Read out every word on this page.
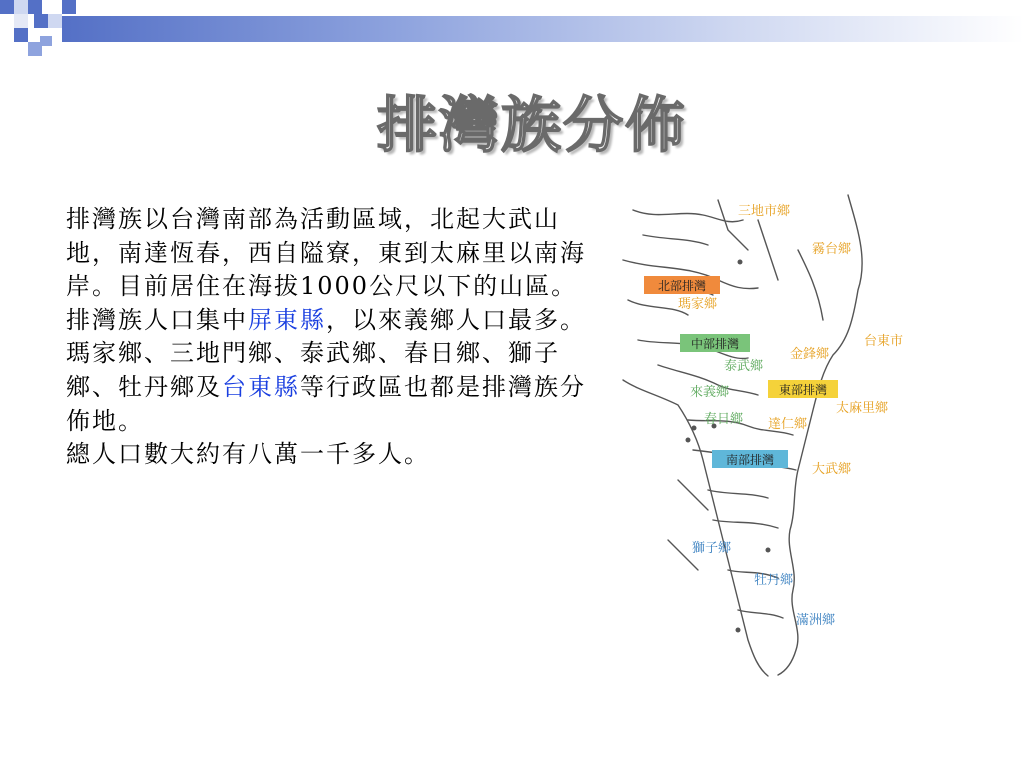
排灣族分佈

排灣族以台灣南部為活動區域，北起大武山地，南達恆春，西自隘寮，東到太麻里以南海岸。目前居住在海拔1000公尺以下的山區。

排灣族人口集中屏東縣，以來義鄉人口最多。瑪家鄉、三地門鄉、泰武鄉、春日鄉、獅子鄉、牡丹鄉及台東縣等行政區也都是排灣族分佈地。

總人口數大約有八萬一千多人。

北部排灣
中部排灣
東部排灣
南部排灣
三地市鄉
霧台鄉
瑪家鄉
台東市
金鋒鄉
泰武鄉
來義鄉
春日鄉 達仁鄉
太麻里鄉
大武鄉
獅子鄉
牡丹鄉
滿洲鄉
